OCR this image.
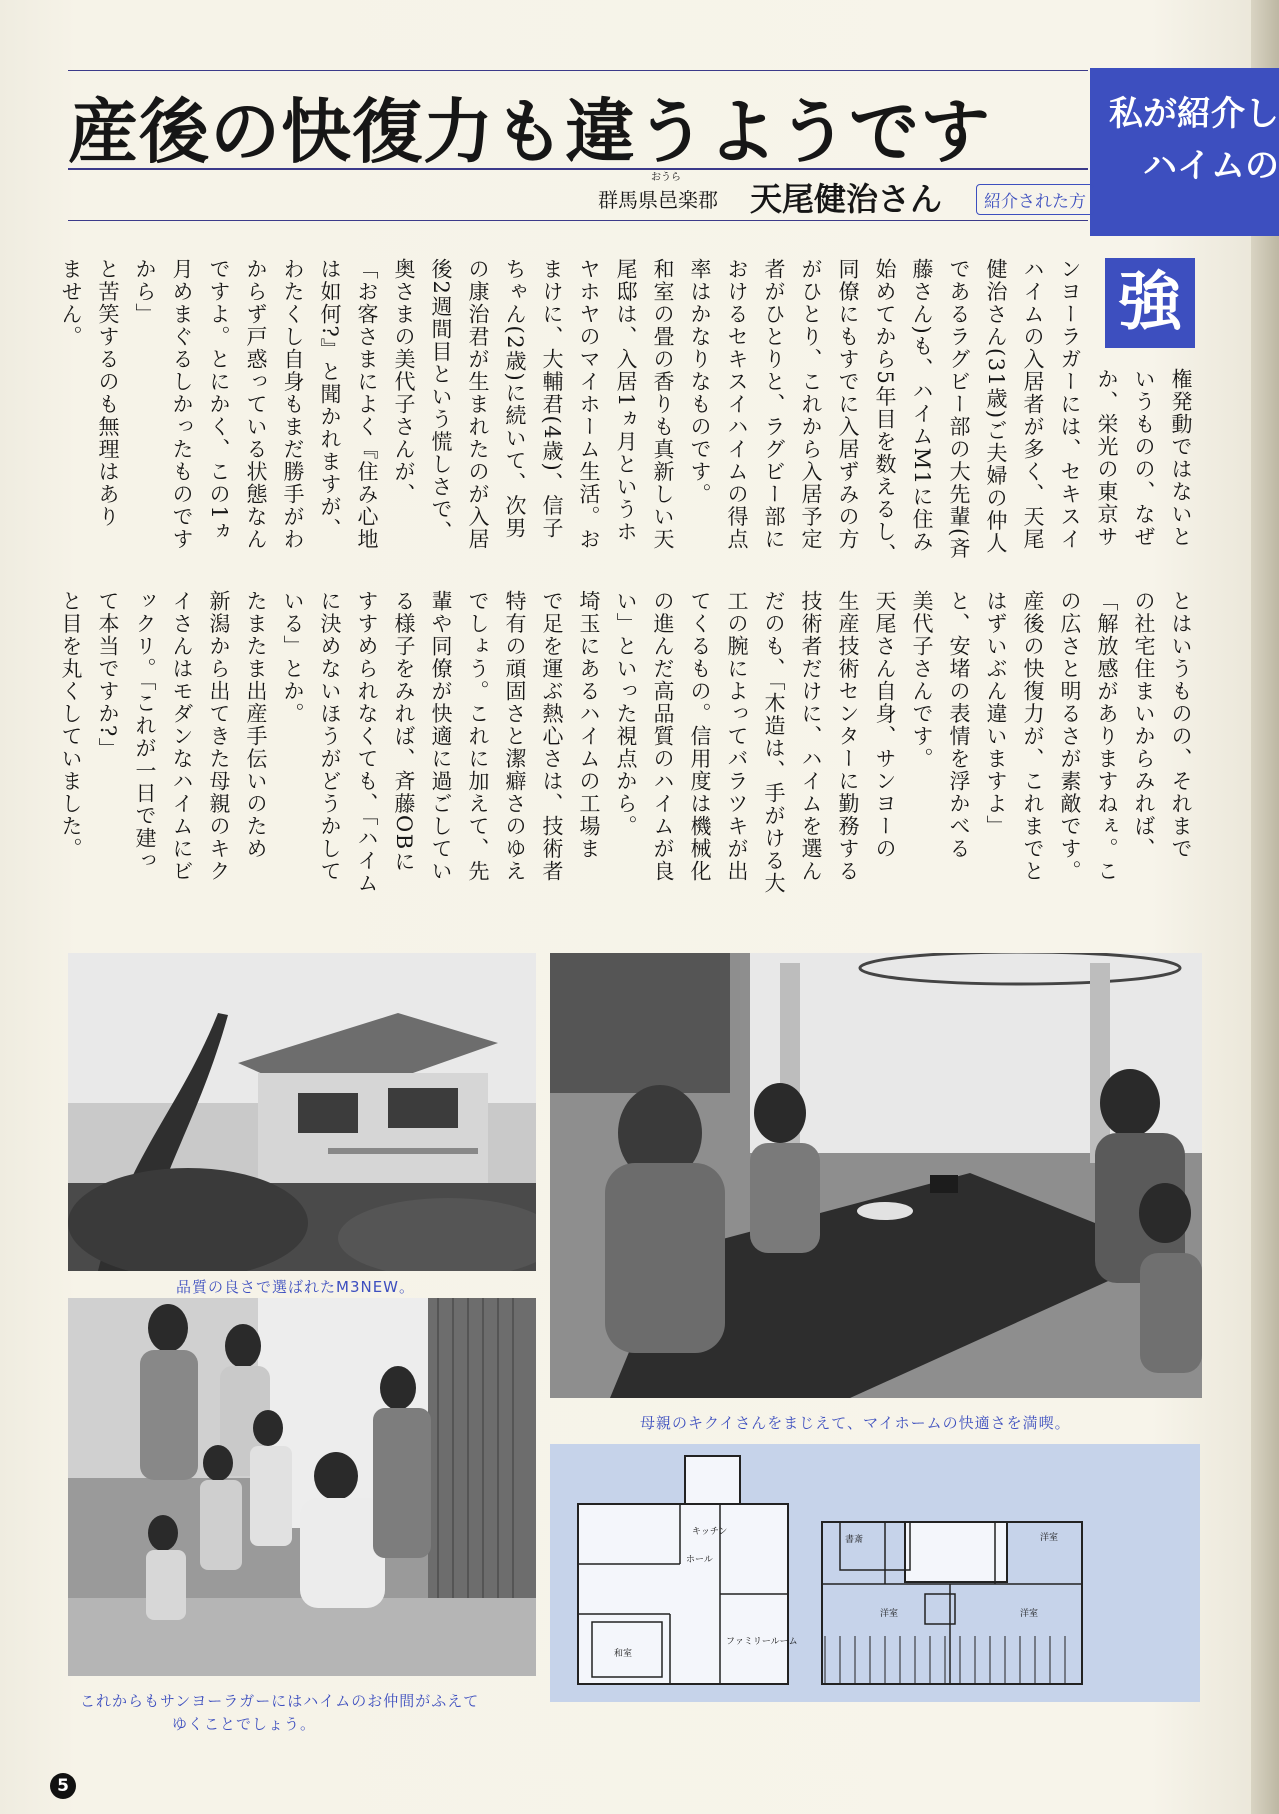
産後の快復力も違うようです	私が紹介し
ハイムの
群馬県邑楽郡
おうら
天尾健治さん	紹介された方
強
権発動ではないと
いうものの、なぜ
か、栄光の東京サ
ンヨーラガーには、セキスイ
ハイムの入居者が多く、天尾
健治さん(31歳)ご夫婦の仲人
であるラグビー部の大先輩(斉
藤さん)も、ハイムM1に住み
始めてから5年目を数えるし、
同僚にもすでに入居ずみの方
がひとり、これから入居予定
者がひとりと、ラグビー部に
おけるセキスイハイムの得点
率はかなりなものです。
和室の畳の香りも真新しい天
尾邸は、入居1ヵ月というホ
ヤホヤのマイホーム生活。お
まけに、大輔君(4歳)、信子
ちゃん(2歳)に続いて、次男
の康治君が生まれたのが入居
後2週間目という慌しさで、
奥さまの美代子さんが、
「お客さまによく『住み心地
は如何?』と聞かれますが、
わたくし自身もまだ勝手がわ
からず戸惑っている状態なん
ですよ。とにかく、この1ヵ
月めまぐるしかったものです
から」
と苦笑するのも無理はあり
ません。
品質の良さで選ばれたM3NEW。
母親のキクイさんをまじえて、マイホームの快適さを満喫。
これからもサンヨーラガーにはハイムのお仲間がふえて
ゆくことでしょう。
キッチン
ホール
和室
ファミリールーム
書斎	洋室
洋室	洋室
5
とはいうものの、それまで
の社宅住まいからみれば、
「解放感がありますねぇ。こ
の広さと明るさが素敵です。
産後の快復力が、これまでと
はずいぶん違いますよ」
と、安堵の表情を浮かべる
美代子さんです。
天尾さん自身、サンヨーの
生産技術センターに勤務する
技術者だけに、ハイムを選ん
だのも、「木造は、手がける大
工の腕によってバラツキが出
てくるもの。信用度は機械化
の進んだ高品質のハイムが良
い」といった視点から。
埼玉にあるハイムの工場ま
で足を運ぶ熱心さは、技術者
特有の頑固さと潔癖さのゆえ
でしょう。これに加えて、先
輩や同僚が快適に過ごしてい
る様子をみれば、斉藤OBに
すすめられなくても、「ハイム
に決めないほうがどうかして
いる」とか。
たまたま出産手伝いのため
新潟から出てきた母親のキク
イさんはモダンなハイムにビ
ックリ。「これが一日で建っ
て本当ですか?」
と目を丸くしていました。
